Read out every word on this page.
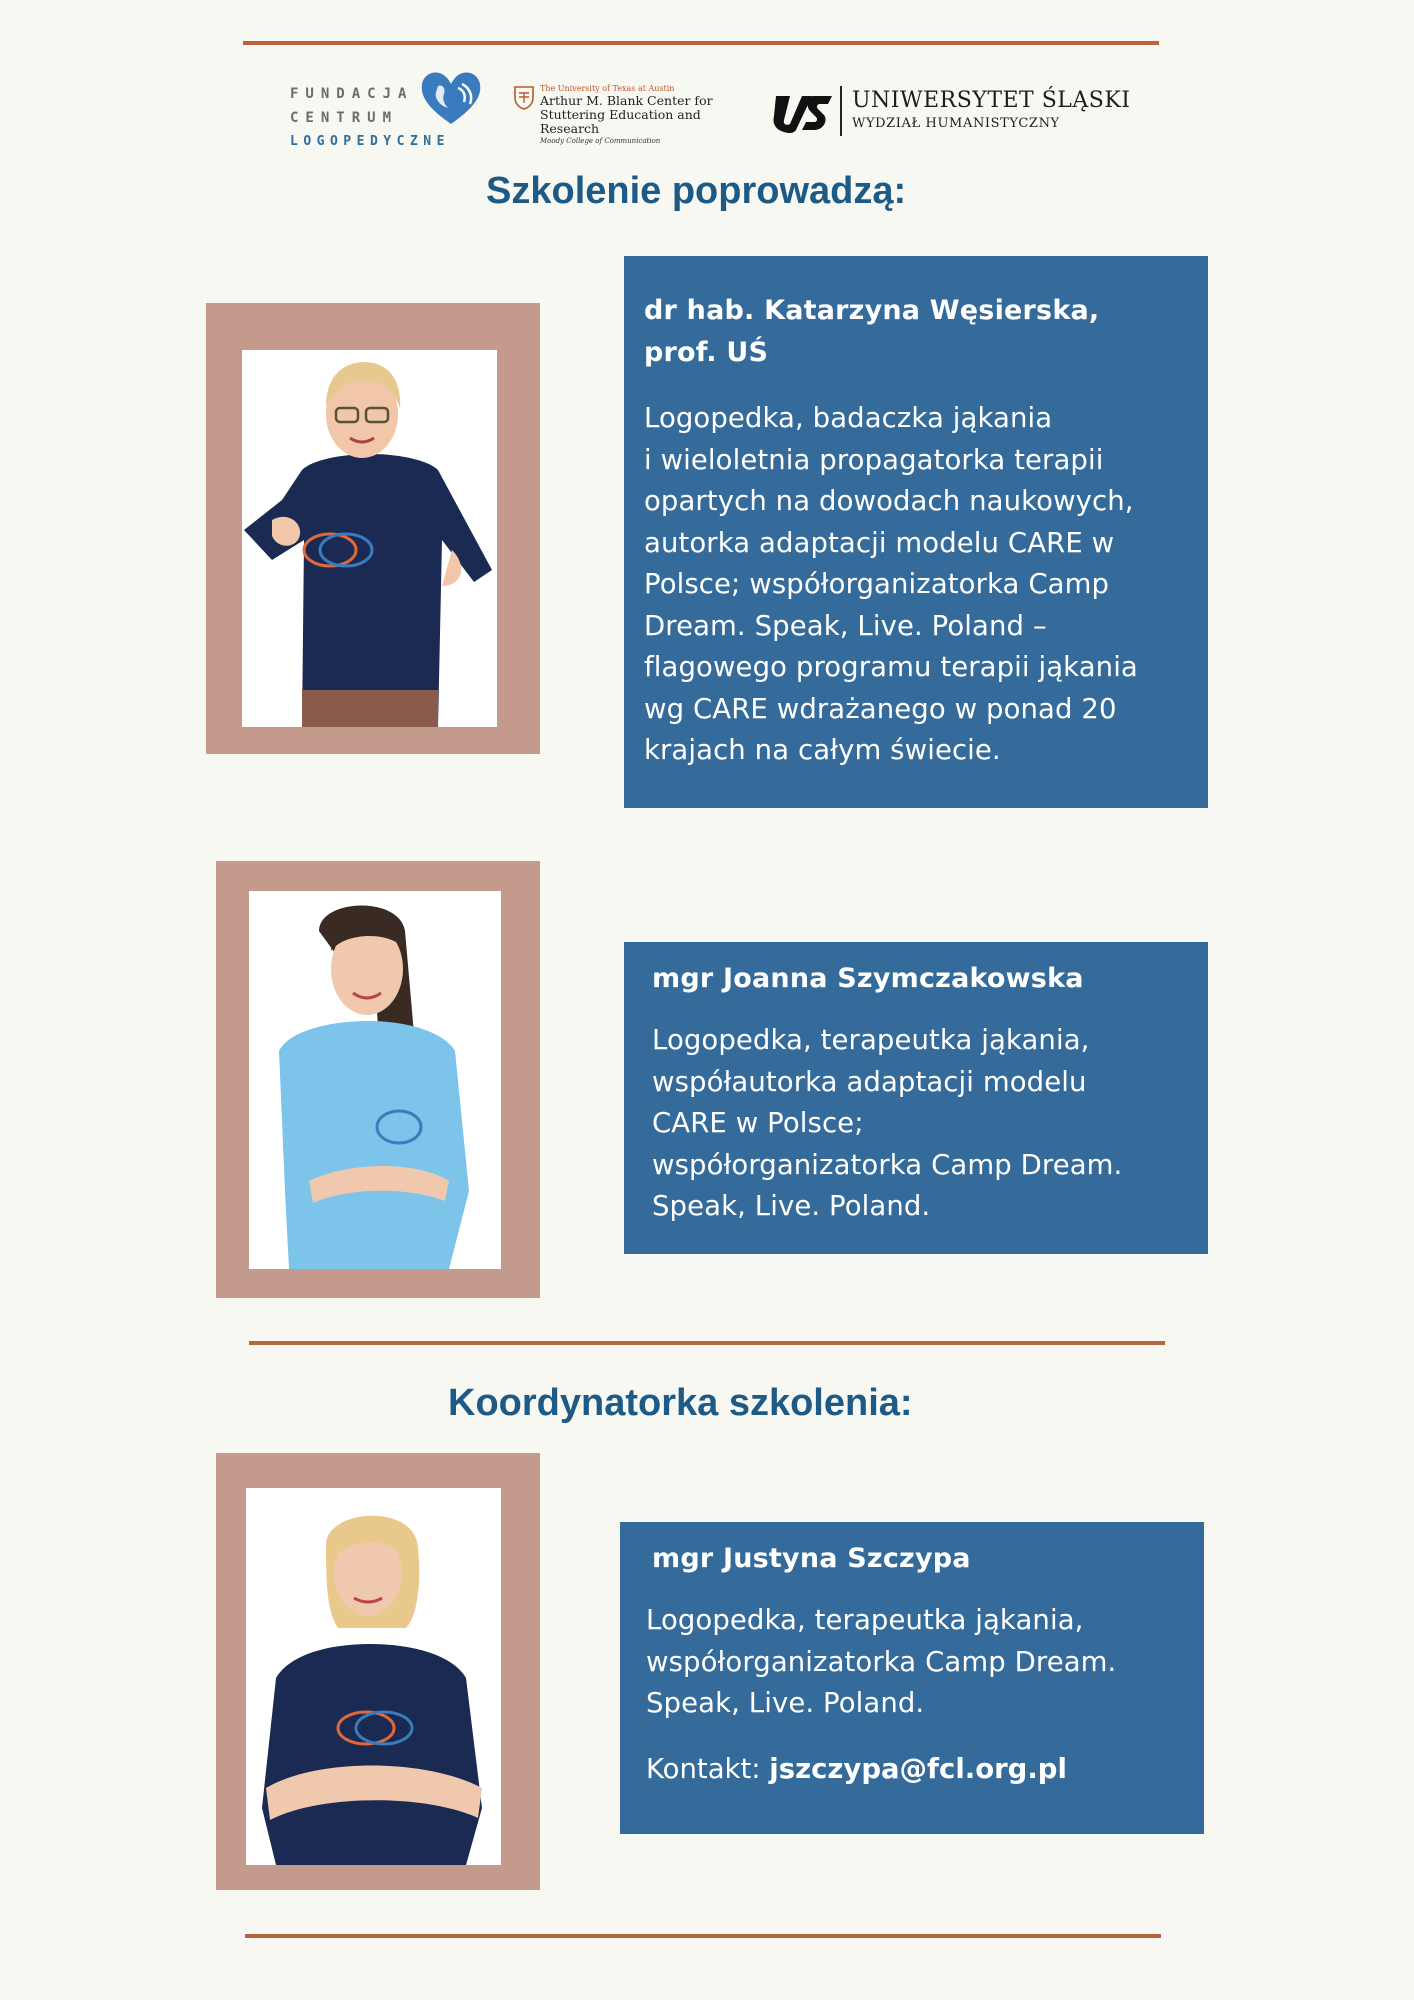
FUNDACJA
CENTRUM
LOGOPEDYCZNE
The University of Texas at Austin
Arthur M. Blank Center for
Stuttering Education and Research
Moody College of Communication
UNIWERSYTET ŚLĄSKI
WYDZIAŁ HUMANISTYCZNY
Szkolenie poprowadzą:
dr hab. Katarzyna Węsierska,
prof. UŚ
Logopedka, badaczka jąkania
i wieloletnia propagatorka terapii
opartych na dowodach naukowych,
autorka adaptacji modelu CARE w
Polsce; współorganizatorka Camp
Dream. Speak, Live. Poland –
flagowego programu terapii jąkania
wg CARE wdrażanego w ponad 20
krajach na całym świecie.
mgr Joanna Szymczakowska
Logopedka, terapeutka jąkania,
współautorka adaptacji modelu
CARE w Polsce;
współorganizatorka Camp Dream.
Speak, Live. Poland.
Koordynatorka szkolenia:
mgr Justyna Szczypa
Logopedka, terapeutka jąkania,
współorganizatorka Camp Dream.
Speak, Live. Poland.
Kontakt: jszczypa@fcl.org.pl
